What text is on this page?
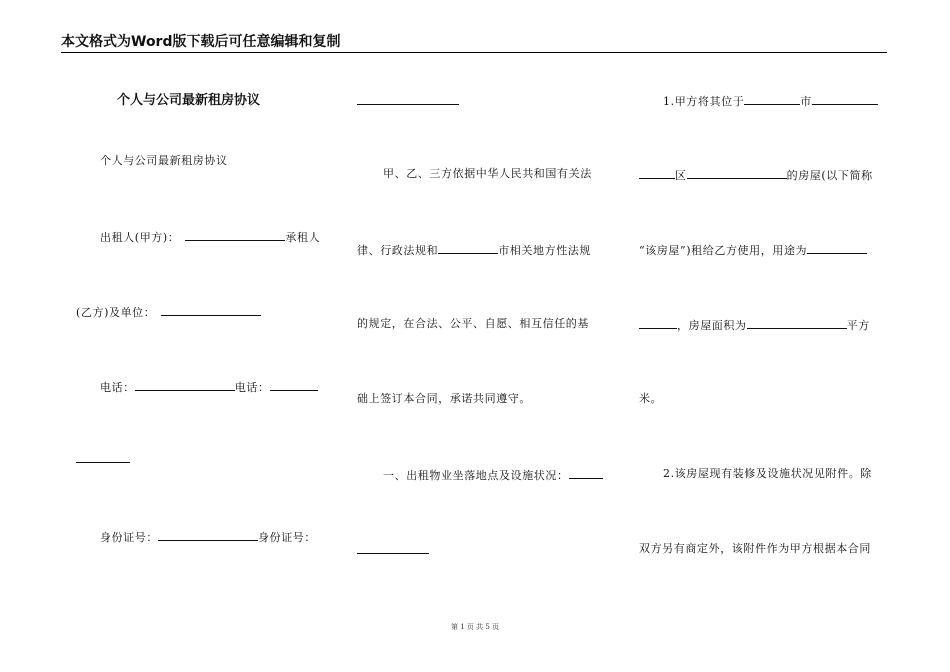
本文格式为Word版下载后可任意编辑和复制
个人与公司最新租房协议
个人与公司最新租房协议
出租人(甲方)：	承租人
(乙方)及单位：
电话：	电话：
身份证号：	身份证号：
甲、乙、三方依据中华人民共和国有关法
律、行政法规和	市相关地方性法规
的规定，在合法、公平、自愿、相互信任的基
础上签订本合同，承诺共同遵守。
一、出租物业坐落地点及设施状况：
1.甲方将其位于	市
区	的房屋(以下简称
“该房屋”)租给乙方使用，用途为
，房屋面积为	平方
米。
2.该房屋现有装修及设施状况见附件。除
双方另有商定外，该附件作为甲方根据本合同
第 1 页 共 5 页
